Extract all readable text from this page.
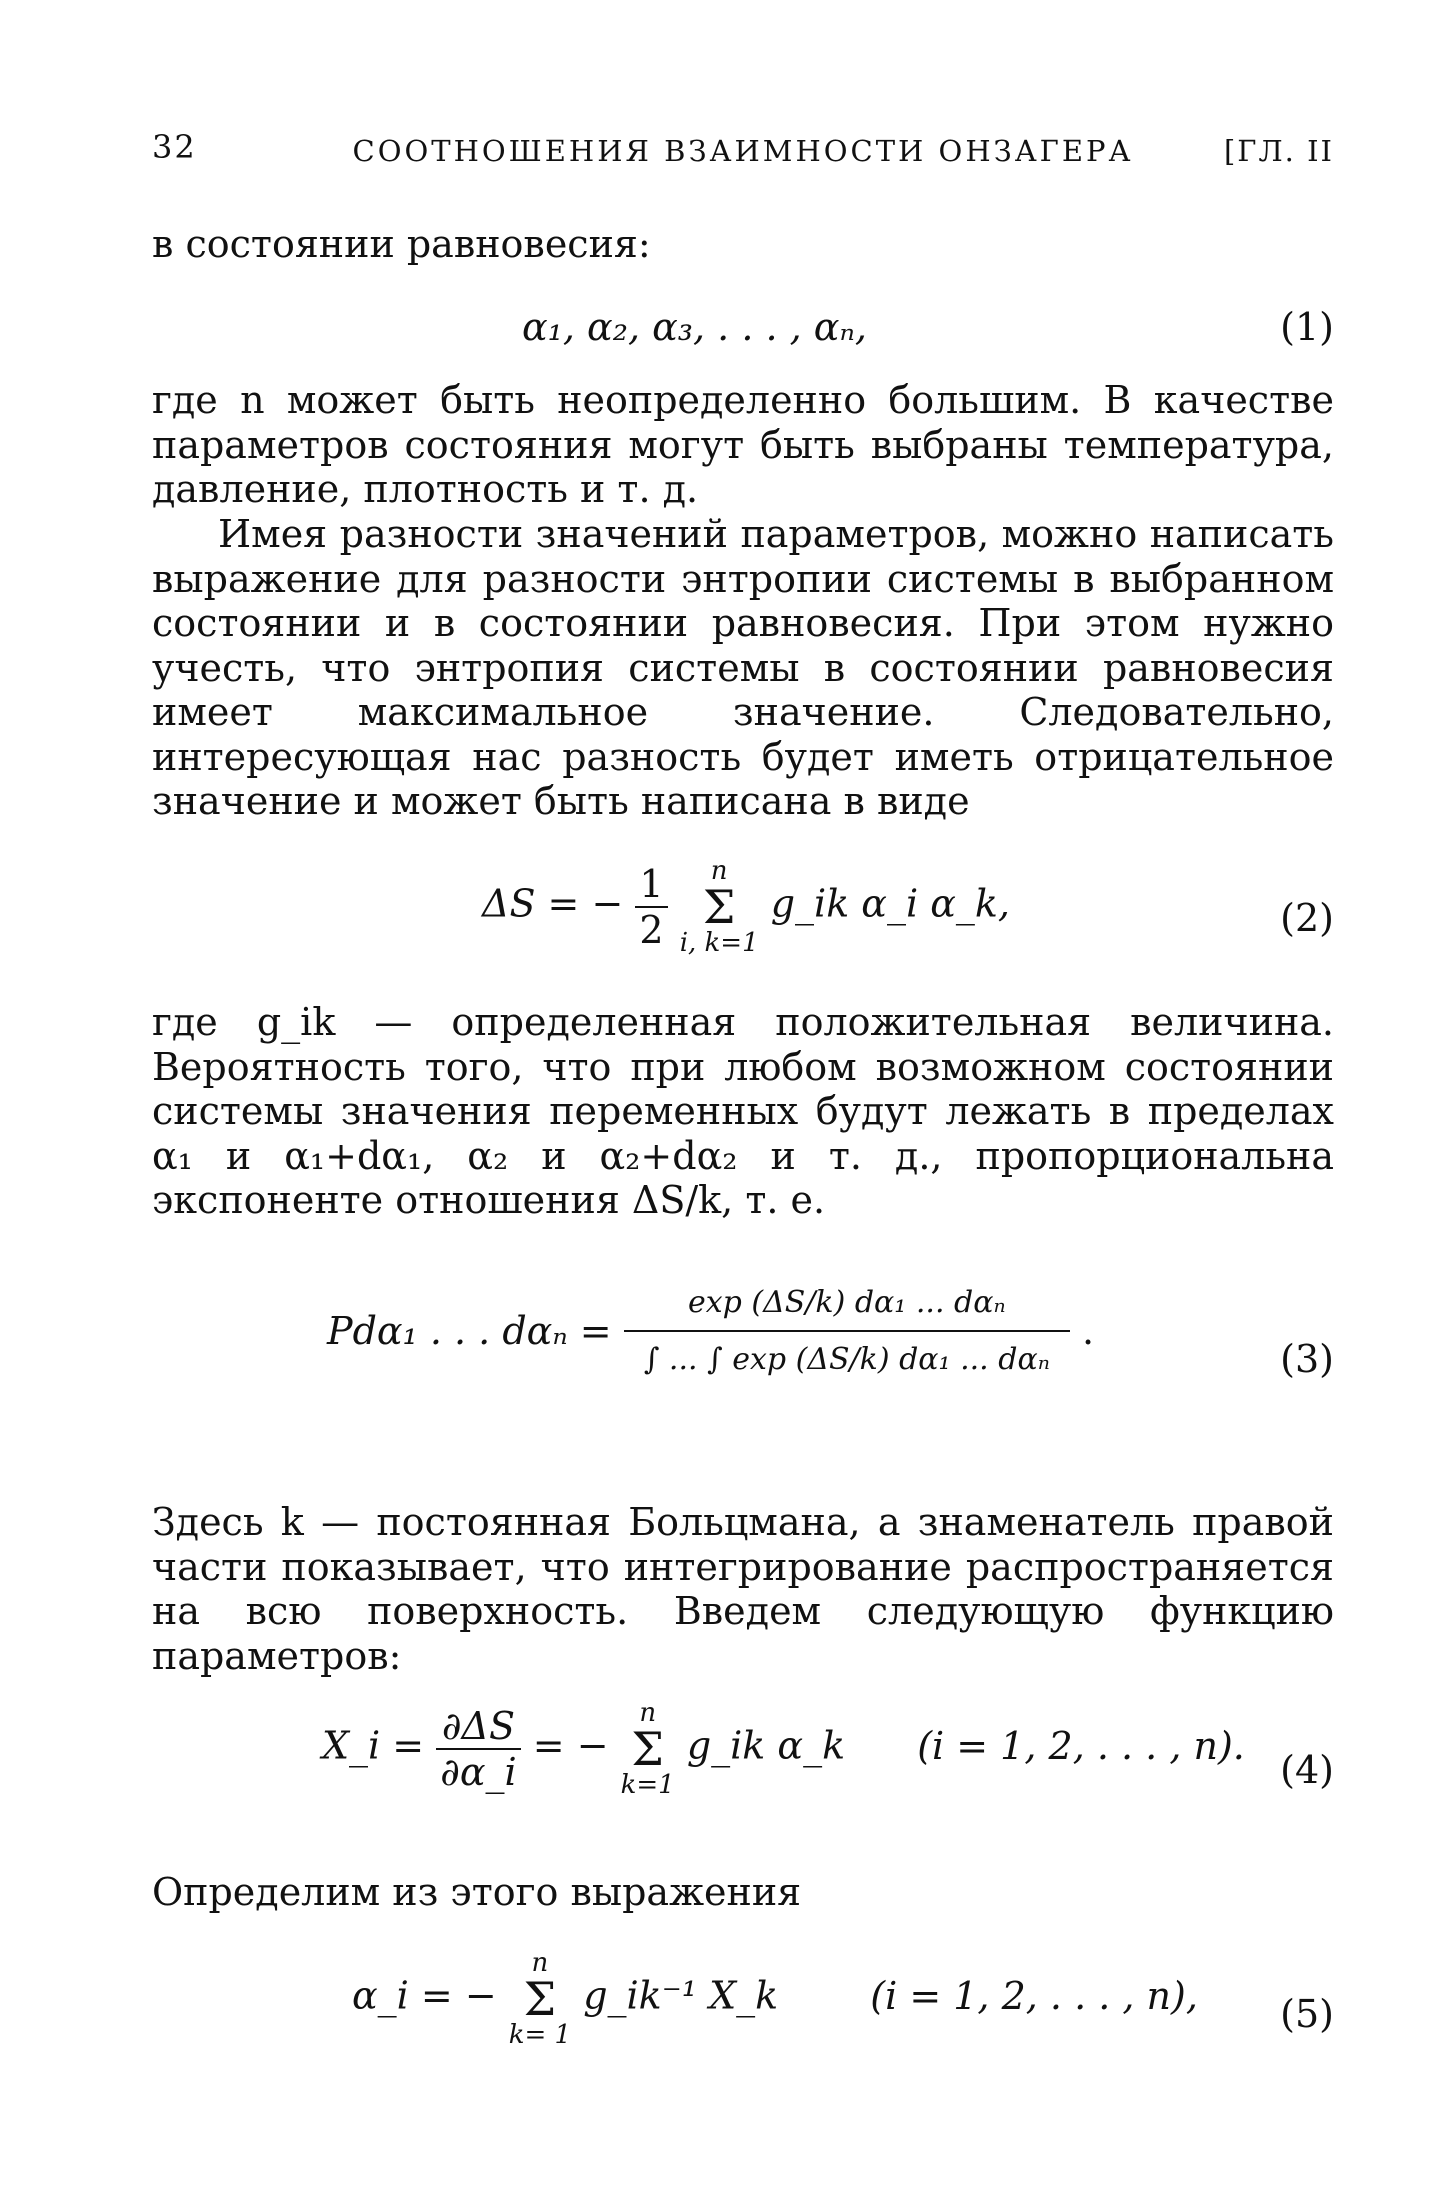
32	СООТНОШЕНИЯ ВЗАИМНОСТИ ОНЗАГЕРА	[ГЛ. II
в состоянии равновесия:
α₁, α₂, α₃, . . . , αₙ,	(1)
где n может быть неопределенно большим. В качестве параметров состояния могут быть выбраны температура, давление, плотность и т. д.
Имея разности значений параметров, можно написать выражение для разности энтропии системы в выбранном состоянии и в состоянии равновесия. При этом нужно учесть, что энтропия системы в состоянии равновесия имеет максимальное значение. Следовательно, интересующая нас разность будет иметь отрицательное значение и может быть написана в виде
ΔS = − $\frac{1}{2}$
	n
Σ
i, k=1
g_ik α_i α_k,	(2)
где g_ik — определенная положительная величина. Вероятность того, что при любом возможном состоянии системы значения переменных будут лежать в пределах α₁ и α₁+dα₁, α₂ и α₂+dα₂ и т. д., пропорциональна экспоненте отношения ΔS/k, т. е.
Pdα₁ . . . $d\alpha_n = \frac{\text{exp (ΔS/k) dα₁ ... dαₙ}}{\text{∫ ... ∫ exp (ΔS/k) dα₁ ... dαₙ}}$ .
(3)
Здесь k — постоянная Больцмана, а знаменатель правой части показывает, что интегрирование распространяется на всю поверхность. Введем следующую функцию параметров:
X_i = $\frac{\partial\Delta S}{\partial\alpha\_i}$ = −
n
Σ
k=1
g_ik α_k (i = 1, 2, . . . , n).
(4)
Определим из этого выражения
α_i = −
n
Σ
k= 1
g_ik⁻¹ X_k (i = 1, 2, . . . , n), (5)
